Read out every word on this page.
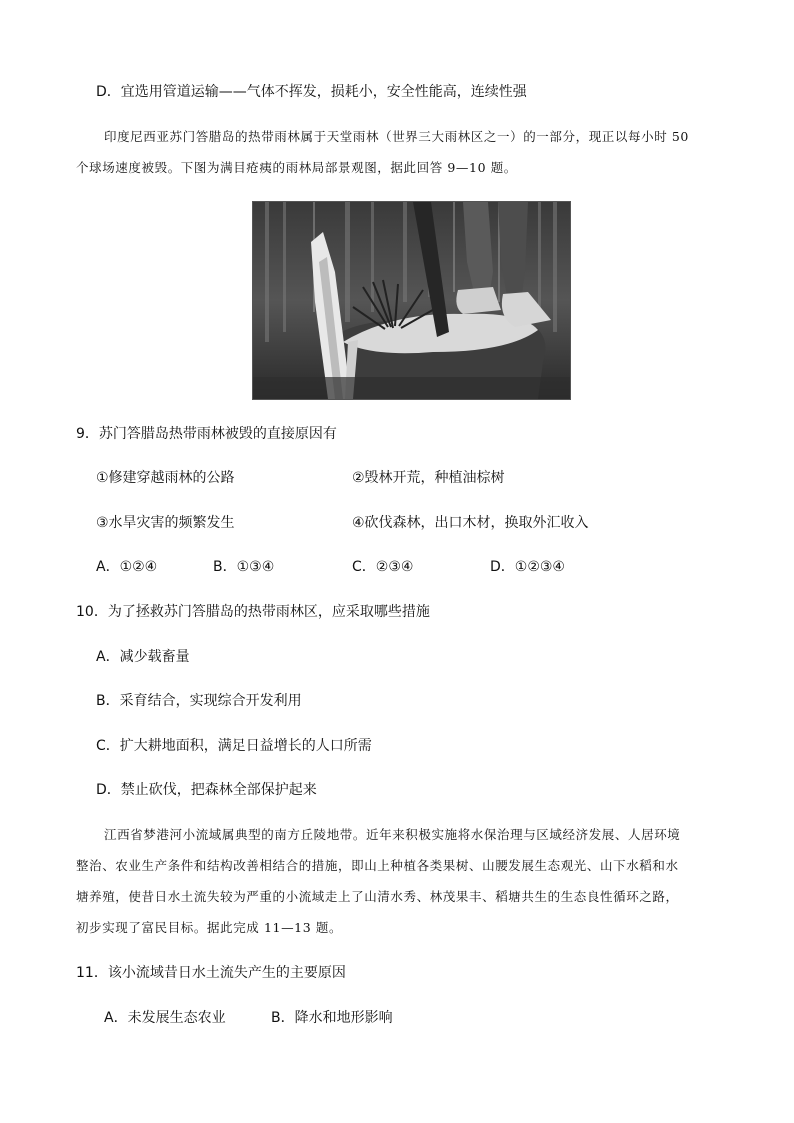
D．宜选用管道运输——气体不挥发，损耗小，安全性能高，连续性强
印度尼西亚苏门答腊岛的热带雨林属于天堂雨林（世界三大雨林区之一）的一部分，现正以每小时 50
个球场速度被毁。下图为满目疮痍的雨林局部景观图，据此回答 9—10 题。
9．苏门答腊岛热带雨林被毁的直接原因有
①修建穿越雨林的公路	②毁林开荒，种植油棕树
③水旱灾害的频繁发生	④砍伐森林，出口木材，换取外汇收入
A．①②④	B．①③④	C．②③④	D．①②③④
10．为了拯救苏门答腊岛的热带雨林区，应采取哪些措施
A．减少载畜量
B．采育结合，实现综合开发利用
C．扩大耕地面积，满足日益增长的人口所需
D．禁止砍伐，把森林全部保护起来
江西省梦港河小流域属典型的南方丘陵地带。近年来积极实施将水保治理与区域经济发展、人居环境
整治、农业生产条件和结构改善相结合的措施，即山上种植各类果树、山腰发展生态观光、山下水稻和水
塘养殖，使昔日水土流失较为严重的小流域走上了山清水秀、林茂果丰、稻塘共生的生态良性循环之路，
初步实现了富民目标。据此完成 11—13 题。
11．该小流域昔日水土流失产生的主要原因
A．未发展生态农业	B．降水和地形影响
